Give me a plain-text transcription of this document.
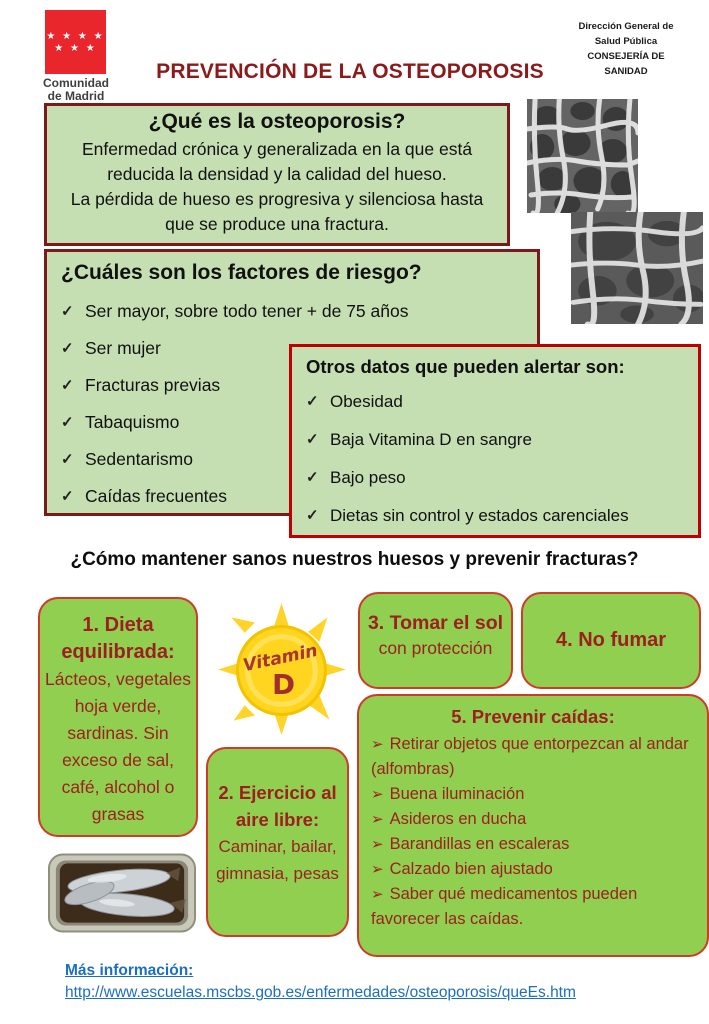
★ ★ ★ ★
★ ★ ★
Comunidad
de Madrid
PREVENCIÓN DE LA OSTEOPOROSIS
Dirección General de
Salud Pública
CONSEJERÍA DE
SANIDAD
¿Qué es la osteoporosis?
Enfermedad crónica y generalizada en la que está reducida la densidad y la calidad del hueso.
La pérdida de hueso es progresiva y silenciosa hasta que se produce una fractura.
¿Cuáles son los factores de riesgo?
✓ Ser mayor, sobre todo tener + de 75 años
✓ Ser mujer
✓ Fracturas previas
✓ Tabaquismo
✓ Sedentarismo
✓ Caídas frecuentes
Otros datos que pueden alertar son:
✓ Obesidad
✓ Baja Vitamina D en sangre
✓ Bajo peso
✓ Dietas sin control y estados carenciales
¿Cómo mantener sanos nuestros huesos y prevenir fracturas?
1. Dieta equilibrada:
Lácteos, vegetales hoja verde, sardinas. Sin exceso de sal, café, alcohol o grasas
Vitamin
D
2. Ejercicio al aire libre:
Caminar, bailar, gimnasia, pesas
3. Tomar el sol
con protección	4. No fumar
5. Prevenir caídas:
➢ Retirar objetos que entorpezcan al andar (alfombras)
➢ Buena iluminación
➢ Asideros en ducha
➢ Barandillas en escaleras
➢ Calzado bien ajustado
➢ Saber qué medicamentos pueden favorecer las caídas.
Más información:
http://www.escuelas.mscbs.gob.es/enfermedades/osteoporosis/queEs.htm
